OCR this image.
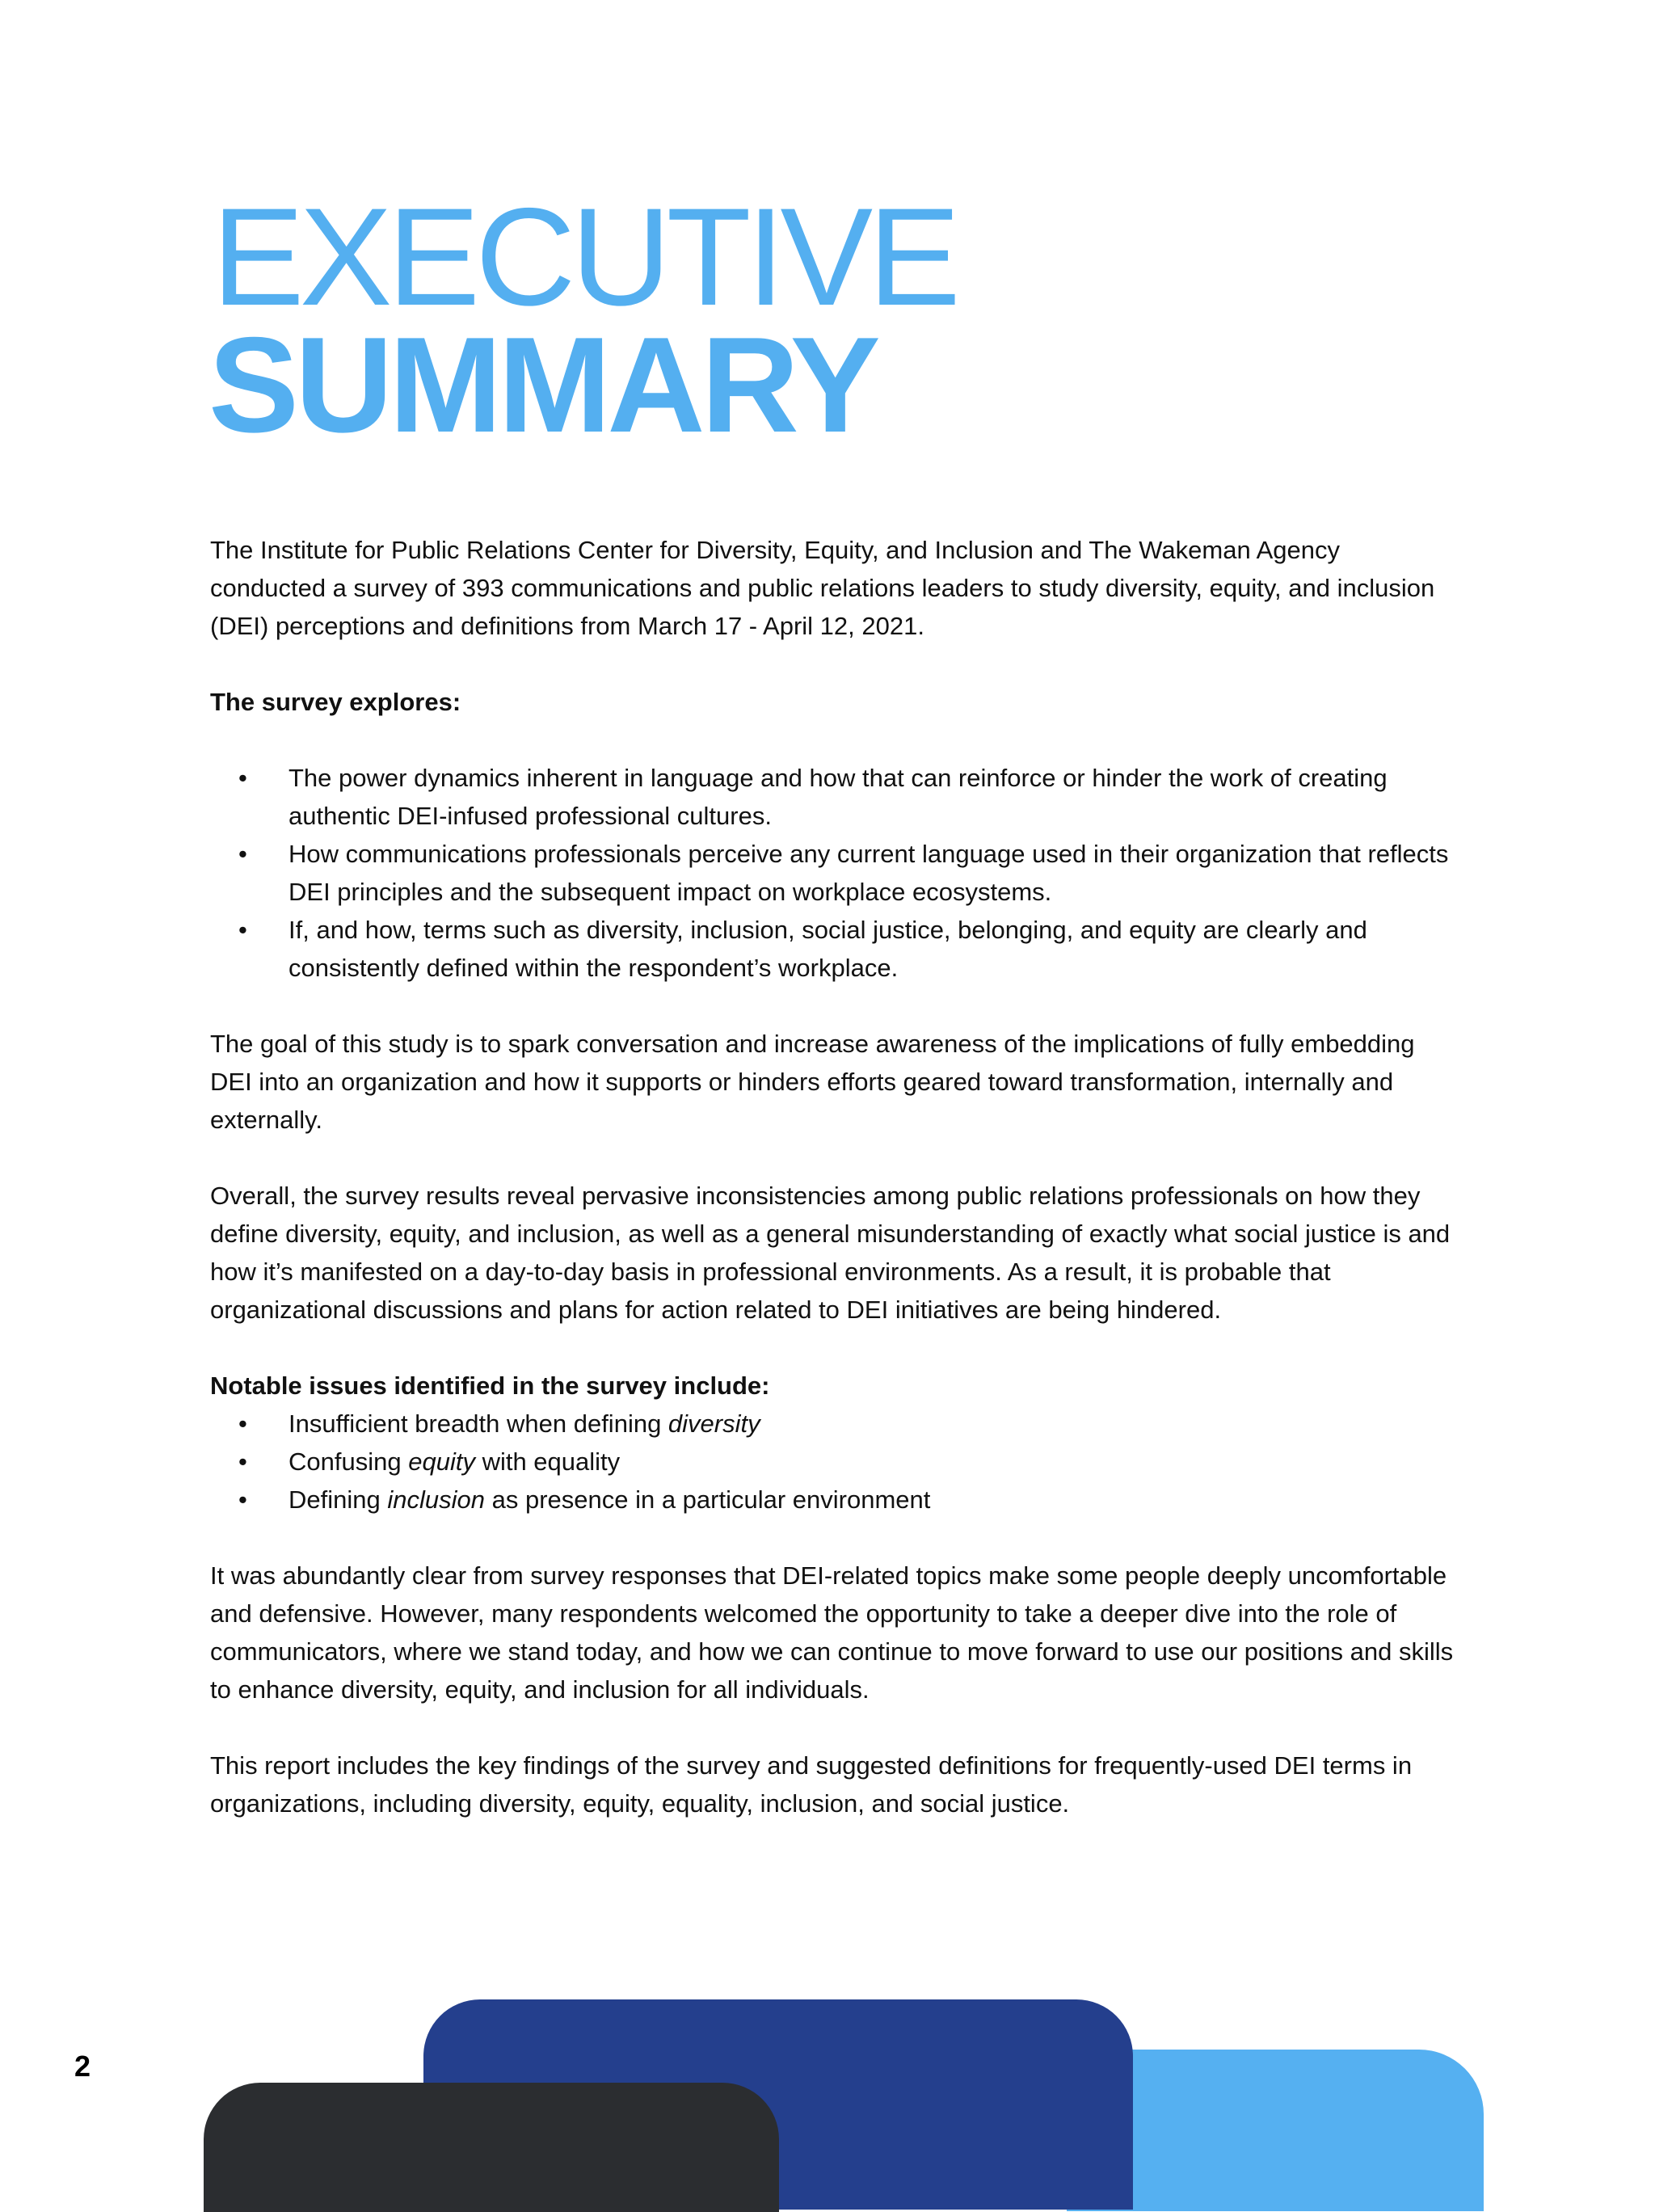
EXECUTIVE
SUMMARY

The Institute for Public Relations Center for Diversity, Equity, and Inclusion and The Wakeman Agency conducted a survey of 393 communications and public relations leaders to study diversity, equity, and inclusion (DEI) perceptions and definitions from March 17 - April 12, 2021.

The survey explores:

• The power dynamics inherent in language and how that can reinforce or hinder the work of creating authentic DEI-infused professional cultures.
• How communications professionals perceive any current language used in their organization that reflects DEI principles and the subsequent impact on workplace ecosystems.
• If, and how, terms such as diversity, inclusion, social justice, belonging, and equity are clearly and consistently defined within the respondent’s workplace.

The goal of this study is to spark conversation and increase awareness of the implications of fully embedding DEI into an organization and how it supports or hinders efforts geared toward transformation, internally and externally.

Overall, the survey results reveal pervasive inconsistencies among public relations professionals on how they define diversity, equity, and inclusion, as well as a general misunderstanding of exactly what social justice is and how it’s manifested on a day-to-day basis in professional environments. As a result, it is probable that organizational discussions and plans for action related to DEI initiatives are being hindered.

Notable issues identified in the survey include:

• Insufficient breadth when defining diversity
• Confusing equity with equality
• Defining inclusion as presence in a particular environment

It was abundantly clear from survey responses that DEI-related topics make some people deeply uncomfortable and defensive. However, many respondents welcomed the opportunity to take a deeper dive into the role of communicators, where we stand today, and how we can continue to move forward to use our positions and skills to enhance diversity, equity, and inclusion for all individuals.

This report includes the key findings of the survey and suggested definitions for frequently-used DEI terms in organizations, including diversity, equity, equality, inclusion, and social justice.

2
